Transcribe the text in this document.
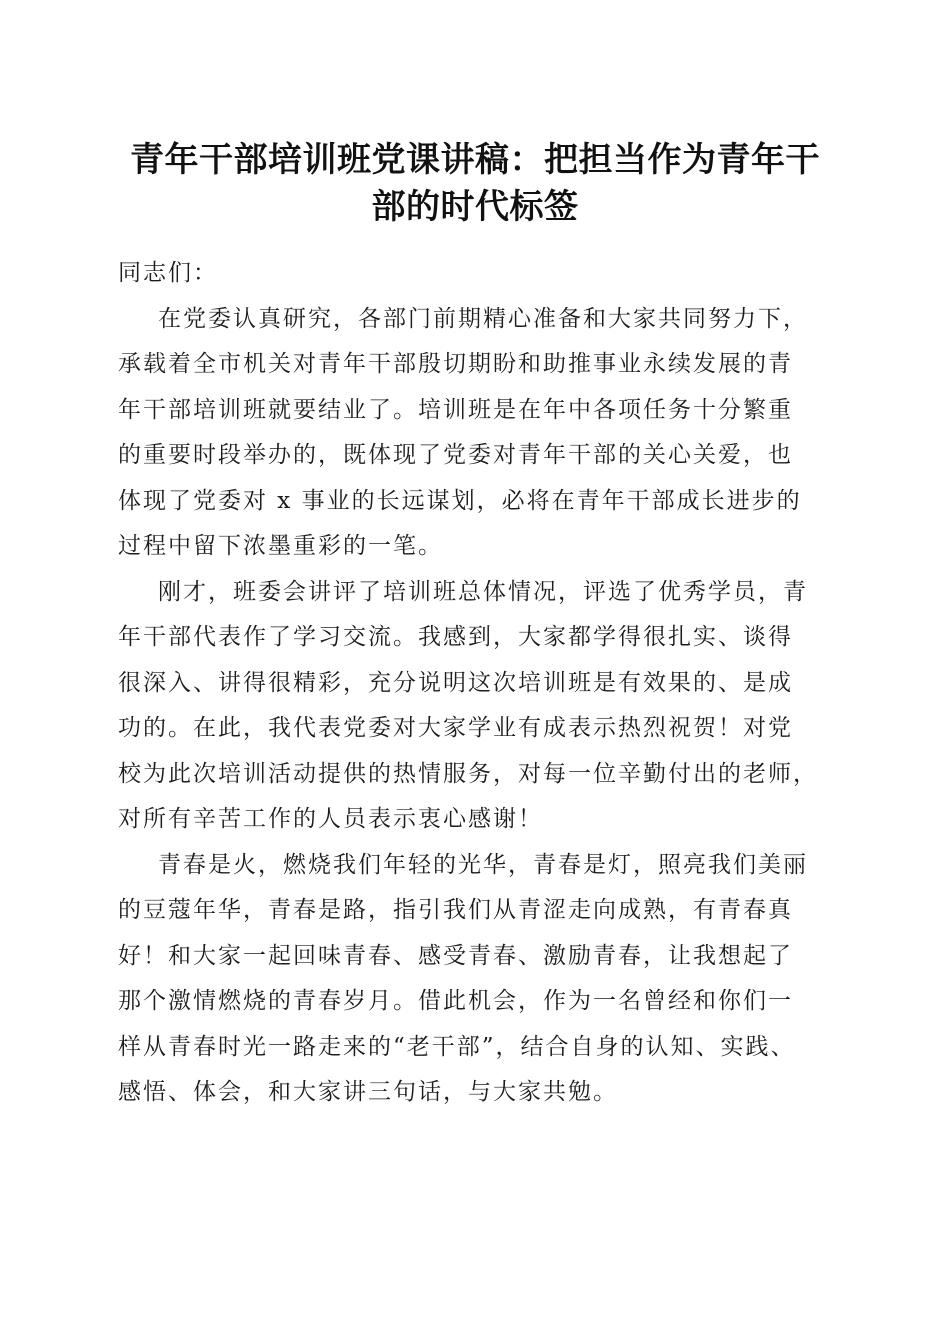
青年干部培训班党课讲稿：把担当作为青年干
部的时代标签
同志们：
在党委认真研究，各部门前期精心准备和大家共同努力下，
承载着全市机关对青年干部殷切期盼和助推事业永续发展的青
年干部培训班就要结业了。培训班是在年中各项任务十分繁重
的重要时段举办的，既体现了党委对青年干部的关心关爱，也
体现了党委对 x 事业的长远谋划，必将在青年干部成长进步的
过程中留下浓墨重彩的一笔。
刚才，班委会讲评了培训班总体情况，评选了优秀学员，青
年干部代表作了学习交流。我感到，大家都学得很扎实、谈得
很深入、讲得很精彩，充分说明这次培训班是有效果的、是成
功的。在此，我代表党委对大家学业有成表示热烈祝贺！对党
校为此次培训活动提供的热情服务，对每一位辛勤付出的老师，
对所有辛苦工作的人员表示衷心感谢！
青春是火，燃烧我们年轻的光华，青春是灯，照亮我们美丽
的豆蔻年华，青春是路，指引我们从青涩走向成熟，有青春真
好！和大家一起回味青春、感受青春、激励青春，让我想起了
那个激情燃烧的青春岁月。借此机会，作为一名曾经和你们一
样从青春时光一路走来的“老干部”，结合自身的认知、实践、
感悟、体会，和大家讲三句话，与大家共勉。
